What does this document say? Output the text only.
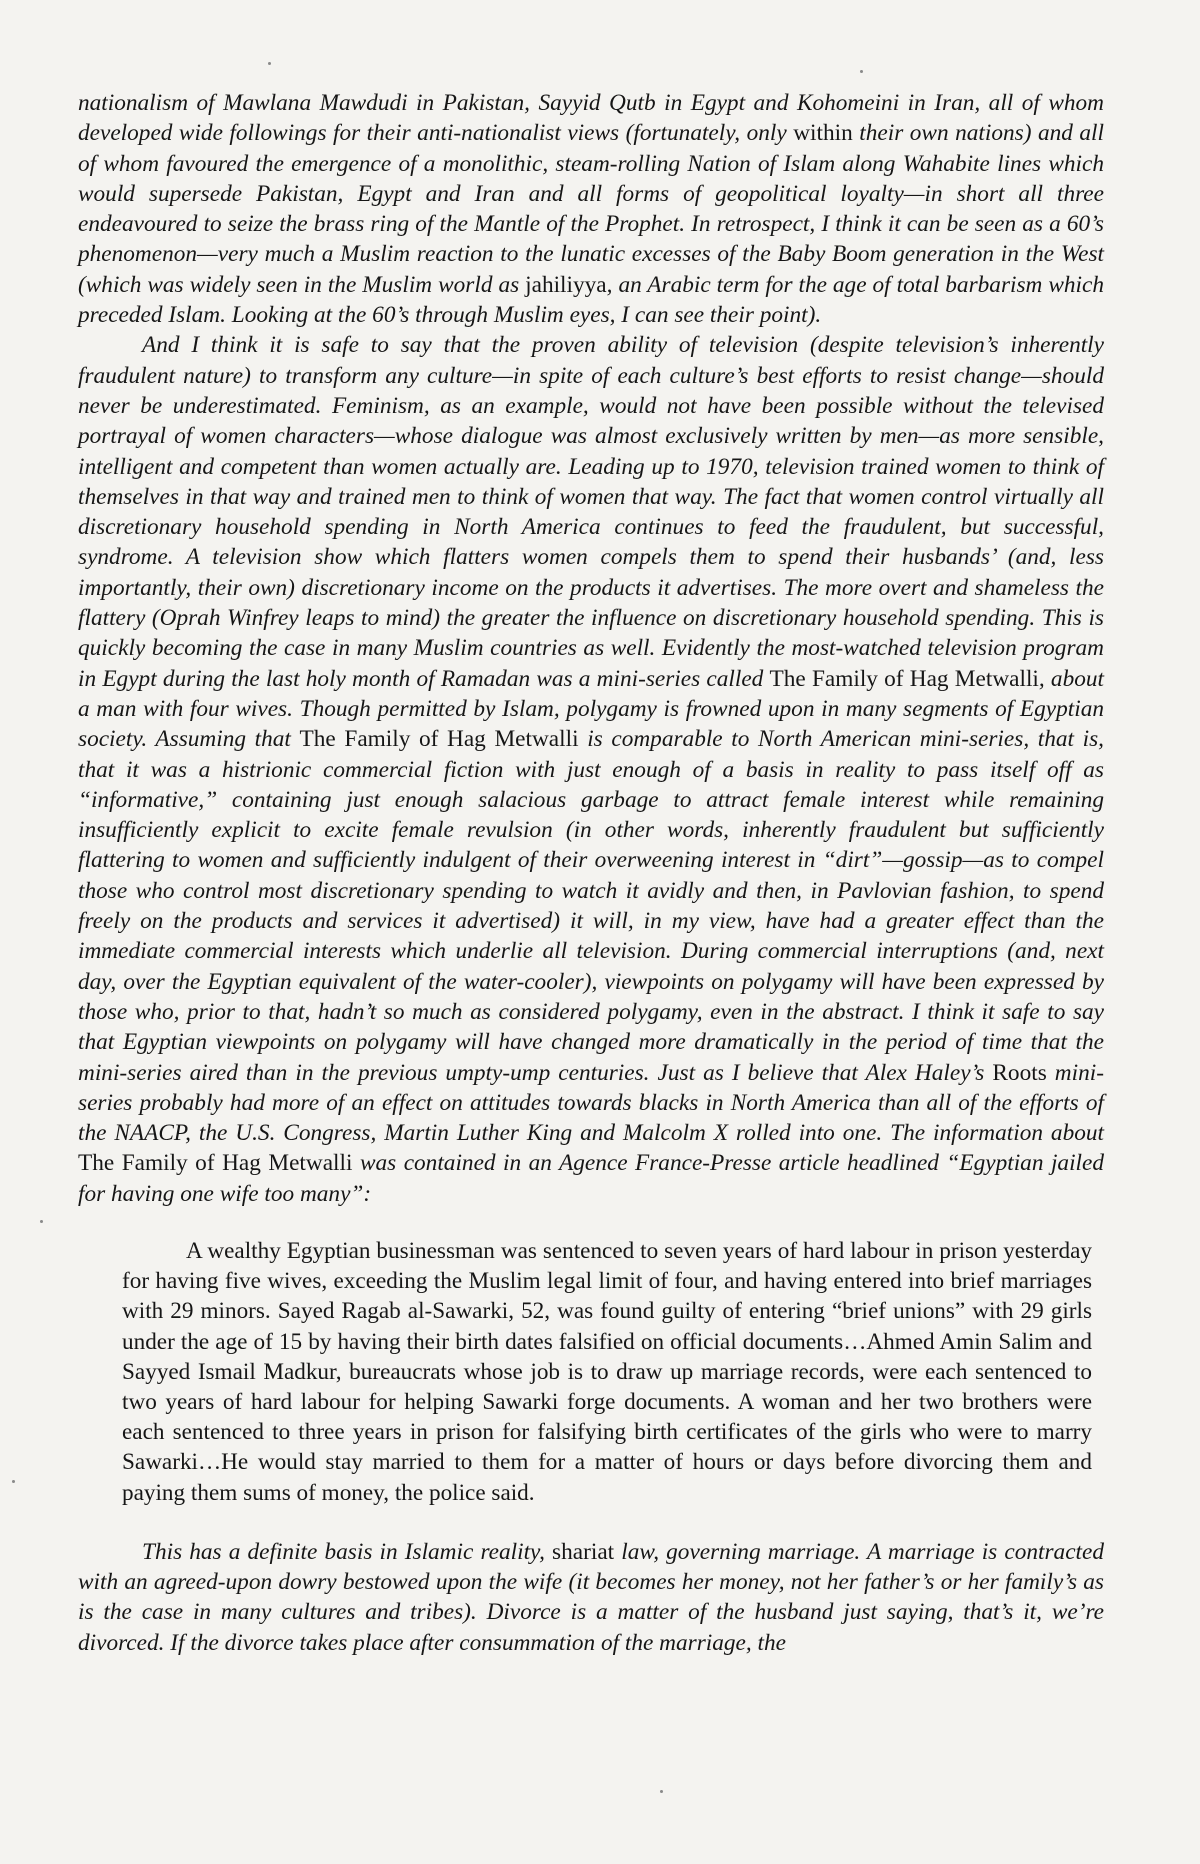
nationalism of Mawlana Mawdudi in Pakistan, Sayyid Qutb in Egypt and Kohomeini in Iran, all of whom developed wide followings for their anti-nationalist views (fortunately, only within their own nations) and all of whom favoured the emergence of a monolithic, steam-rolling Nation of Islam along Wahabite lines which would supersede Pakistan, Egypt and Iran and all forms of geopolitical loyalty—in short all three endeavoured to seize the brass ring of the Mantle of the Prophet. In retrospect, I think it can be seen as a 60’s phenomenon—very much a Muslim reaction to the lunatic excesses of the Baby Boom generation in the West (which was widely seen in the Muslim world as jahiliyya, an Arabic term for the age of total barbarism which preceded Islam. Looking at the 60’s through Muslim eyes, I can see their point).

And I think it is safe to say that the proven ability of television (despite television’s inherently fraudulent nature) to transform any culture—in spite of each culture’s best efforts to resist change—should never be underestimated. Feminism, as an example, would not have been possible without the televised portrayal of women characters—whose dialogue was almost exclusively written by men—as more sensible, intelligent and competent than women actually are. Leading up to 1970, television trained women to think of themselves in that way and trained men to think of women that way. The fact that women control virtually all discretionary household spending in North America continues to feed the fraudulent, but successful, syndrome. A television show which flatters women compels them to spend their husbands’ (and, less importantly, their own) discretionary income on the products it advertises. The more overt and shameless the flattery (Oprah Winfrey leaps to mind) the greater the influence on discretionary household spending. This is quickly becoming the case in many Muslim countries as well. Evidently the most-watched television program in Egypt during the last holy month of Ramadan was a mini-series called The Family of Hag Metwalli, about a man with four wives. Though permitted by Islam, polygamy is frowned upon in many segments of Egyptian society. Assuming that The Family of Hag Metwalli is comparable to North American mini-series, that is, that it was a histrionic commercial fiction with just enough of a basis in reality to pass itself off as “informative,” containing just enough salacious garbage to attract female interest while remaining insufficiently explicit to excite female revulsion (in other words, inherently fraudulent but sufficiently flattering to women and sufficiently indulgent of their overweening interest in “dirt”—gossip—as to compel those who control most discretionary spending to watch it avidly and then, in Pavlovian fashion, to spend freely on the products and services it advertised) it will, in my view, have had a greater effect than the immediate commercial interests which underlie all television. During commercial interruptions (and, next day, over the Egyptian equivalent of the water-cooler), viewpoints on polygamy will have been expressed by those who, prior to that, hadn’t so much as considered polygamy, even in the abstract. I think it safe to say that Egyptian viewpoints on polygamy will have changed more dramatically in the period of time that the mini-series aired than in the previous umpty-ump centuries. Just as I believe that Alex Haley’s Roots mini-series probably had more of an effect on attitudes towards blacks in North America than all of the efforts of the NAACP, the U.S. Congress, Martin Luther King and Malcolm X rolled into one. The information about The Family of Hag Metwalli was contained in an Agence France-Presse article headlined “Egyptian jailed for having one wife too many”:

A wealthy Egyptian businessman was sentenced to seven years of hard labour in prison yesterday for having five wives, exceeding the Muslim legal limit of four, and having entered into brief marriages with 29 minors. Sayed Ragab al-Sawarki, 52, was found guilty of entering “brief unions” with 29 girls under the age of 15 by having their birth dates falsified on official documents…Ahmed Amin Salim and Sayyed Ismail Madkur, bureaucrats whose job is to draw up marriage records, were each sentenced to two years of hard labour for helping Sawarki forge documents. A woman and her two brothers were each sentenced to three years in prison for falsifying birth certificates of the girls who were to marry Sawarki…He would stay married to them for a matter of hours or days before divorcing them and paying them sums of money, the police said.

This has a definite basis in Islamic reality, shariat law, governing marriage. A marriage is contracted with an agreed-upon dowry bestowed upon the wife (it becomes her money, not her father’s or her family’s as is the case in many cultures and tribes). Divorce is a matter of the husband just saying, that’s it, we’re divorced. If the divorce takes place after consummation of the marriage, the
